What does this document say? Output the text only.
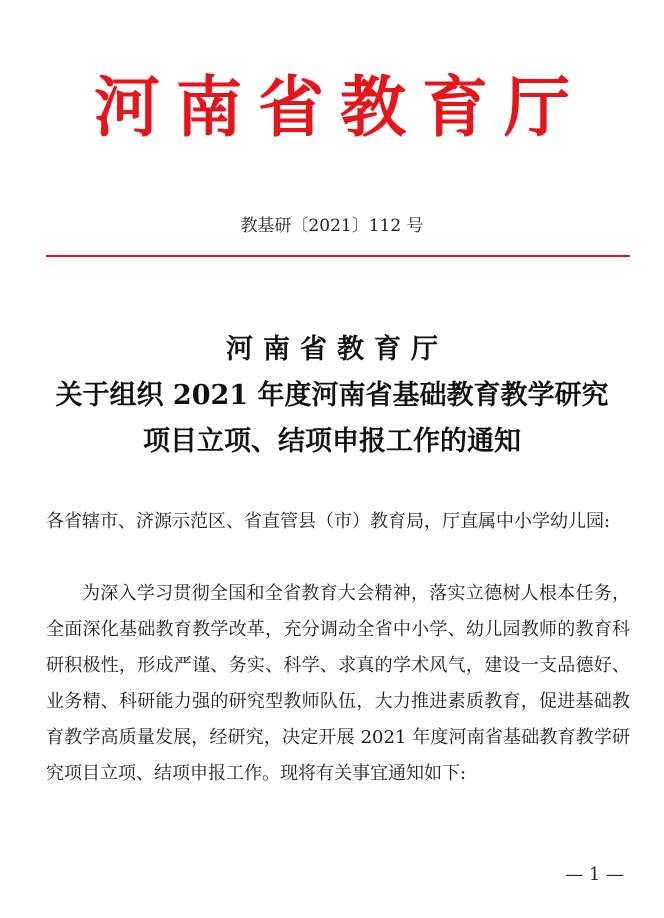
河南省教育厅
教基研〔2021〕112 号
河南省教育厅
关于组织 2021 年度河南省基础教育教学研究
项目立项、结项申报工作的通知
各省辖市、济源示范区、省直管县（市）教育局，厅直属中小学幼儿园:
为深入学习贯彻全国和全省教育大会精神，落实立德树人根本任务，全面深化基础教育教学改革，充分调动全省中小学、幼儿园教师的教育科研积极性，形成严谨、务实、科学、求真的学术风气，建设一支品德好、业务精、科研能力强的研究型教师队伍，大力推进素质教育，促进基础教育教学高质量发展，经研究，决定开展 2021 年度河南省基础教育教学研究项目立项、结项申报工作。现将有关事宜通知如下:
— 1 —
